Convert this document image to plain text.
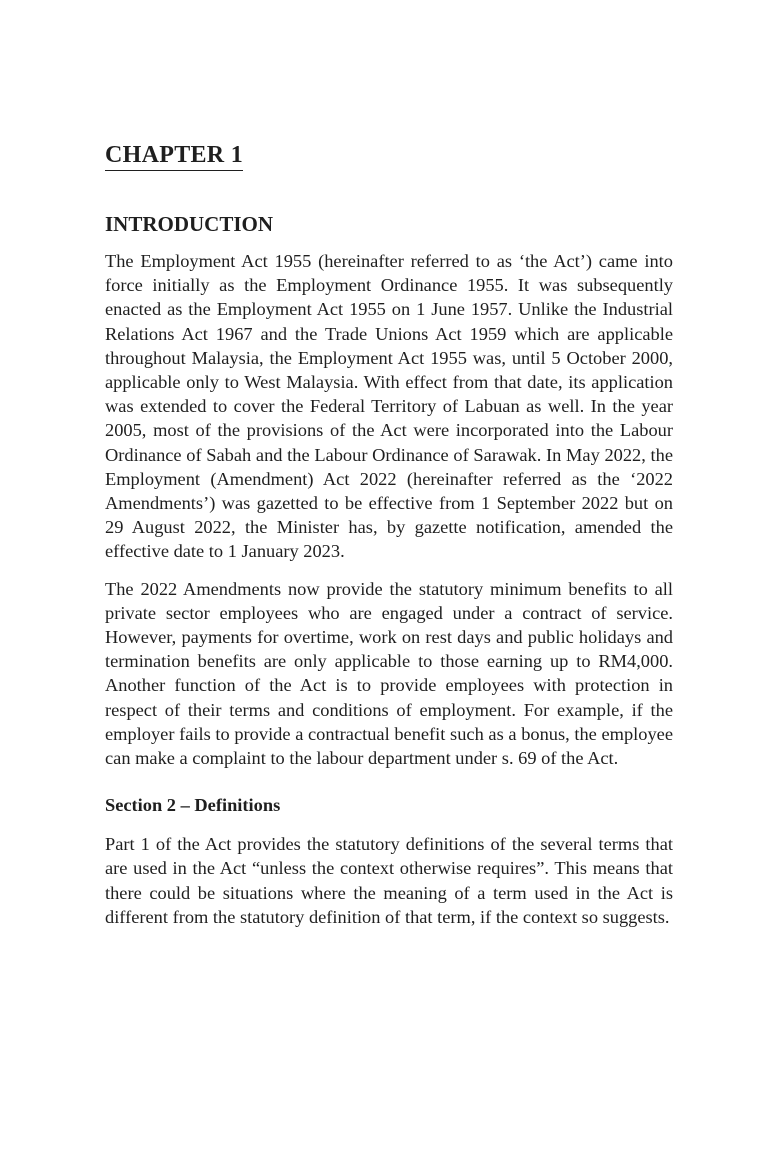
CHAPTER 1
INTRODUCTION

The Employment Act 1955 (hereinafter referred to as ‘the Act’) came into force initially as the Employment Ordinance 1955. It was subsequently enacted as the Employment Act 1955 on 1 June 1957. Unlike the Industrial Relations Act 1967 and the Trade Unions Act 1959 which are applicable throughout Malaysia, the Employment Act 1955 was, until 5 October 2000, applicable only to West Malaysia. With effect from that date, its application was extended to cover the Federal Territory of Labuan as well. In the year 2005, most of the provisions of the Act were incorporated into the Labour Ordinance of Sabah and the Labour Ordinance of Sarawak. In May 2022, the Employment (Amendment) Act 2022 (hereinafter referred as the ‘2022 Amendments’) was gazetted to be effective from 1 September 2022 but on 29 August 2022, the Minister has, by gazette notification, amended the effective date to 1 January 2023.

The 2022 Amendments now provide the statutory minimum benefits to all private sector employees who are engaged under a contract of service. However, payments for overtime, work on rest days and public holidays and termination benefits are only applicable to those earning up to RM4,000. Another function of the Act is to provide employees with protection in respect of their terms and conditions of employment. For example, if the employer fails to provide a contractual benefit such as a bonus, the employee can make a complaint to the labour department under s. 69 of the Act.

Section 2 – Definitions

Part 1 of the Act provides the statutory definitions of the several terms that are used in the Act “unless the context otherwise requires”. This means that there could be situations where the meaning of a term used in the Act is different from the statutory definition of that term, if the context so suggests.
